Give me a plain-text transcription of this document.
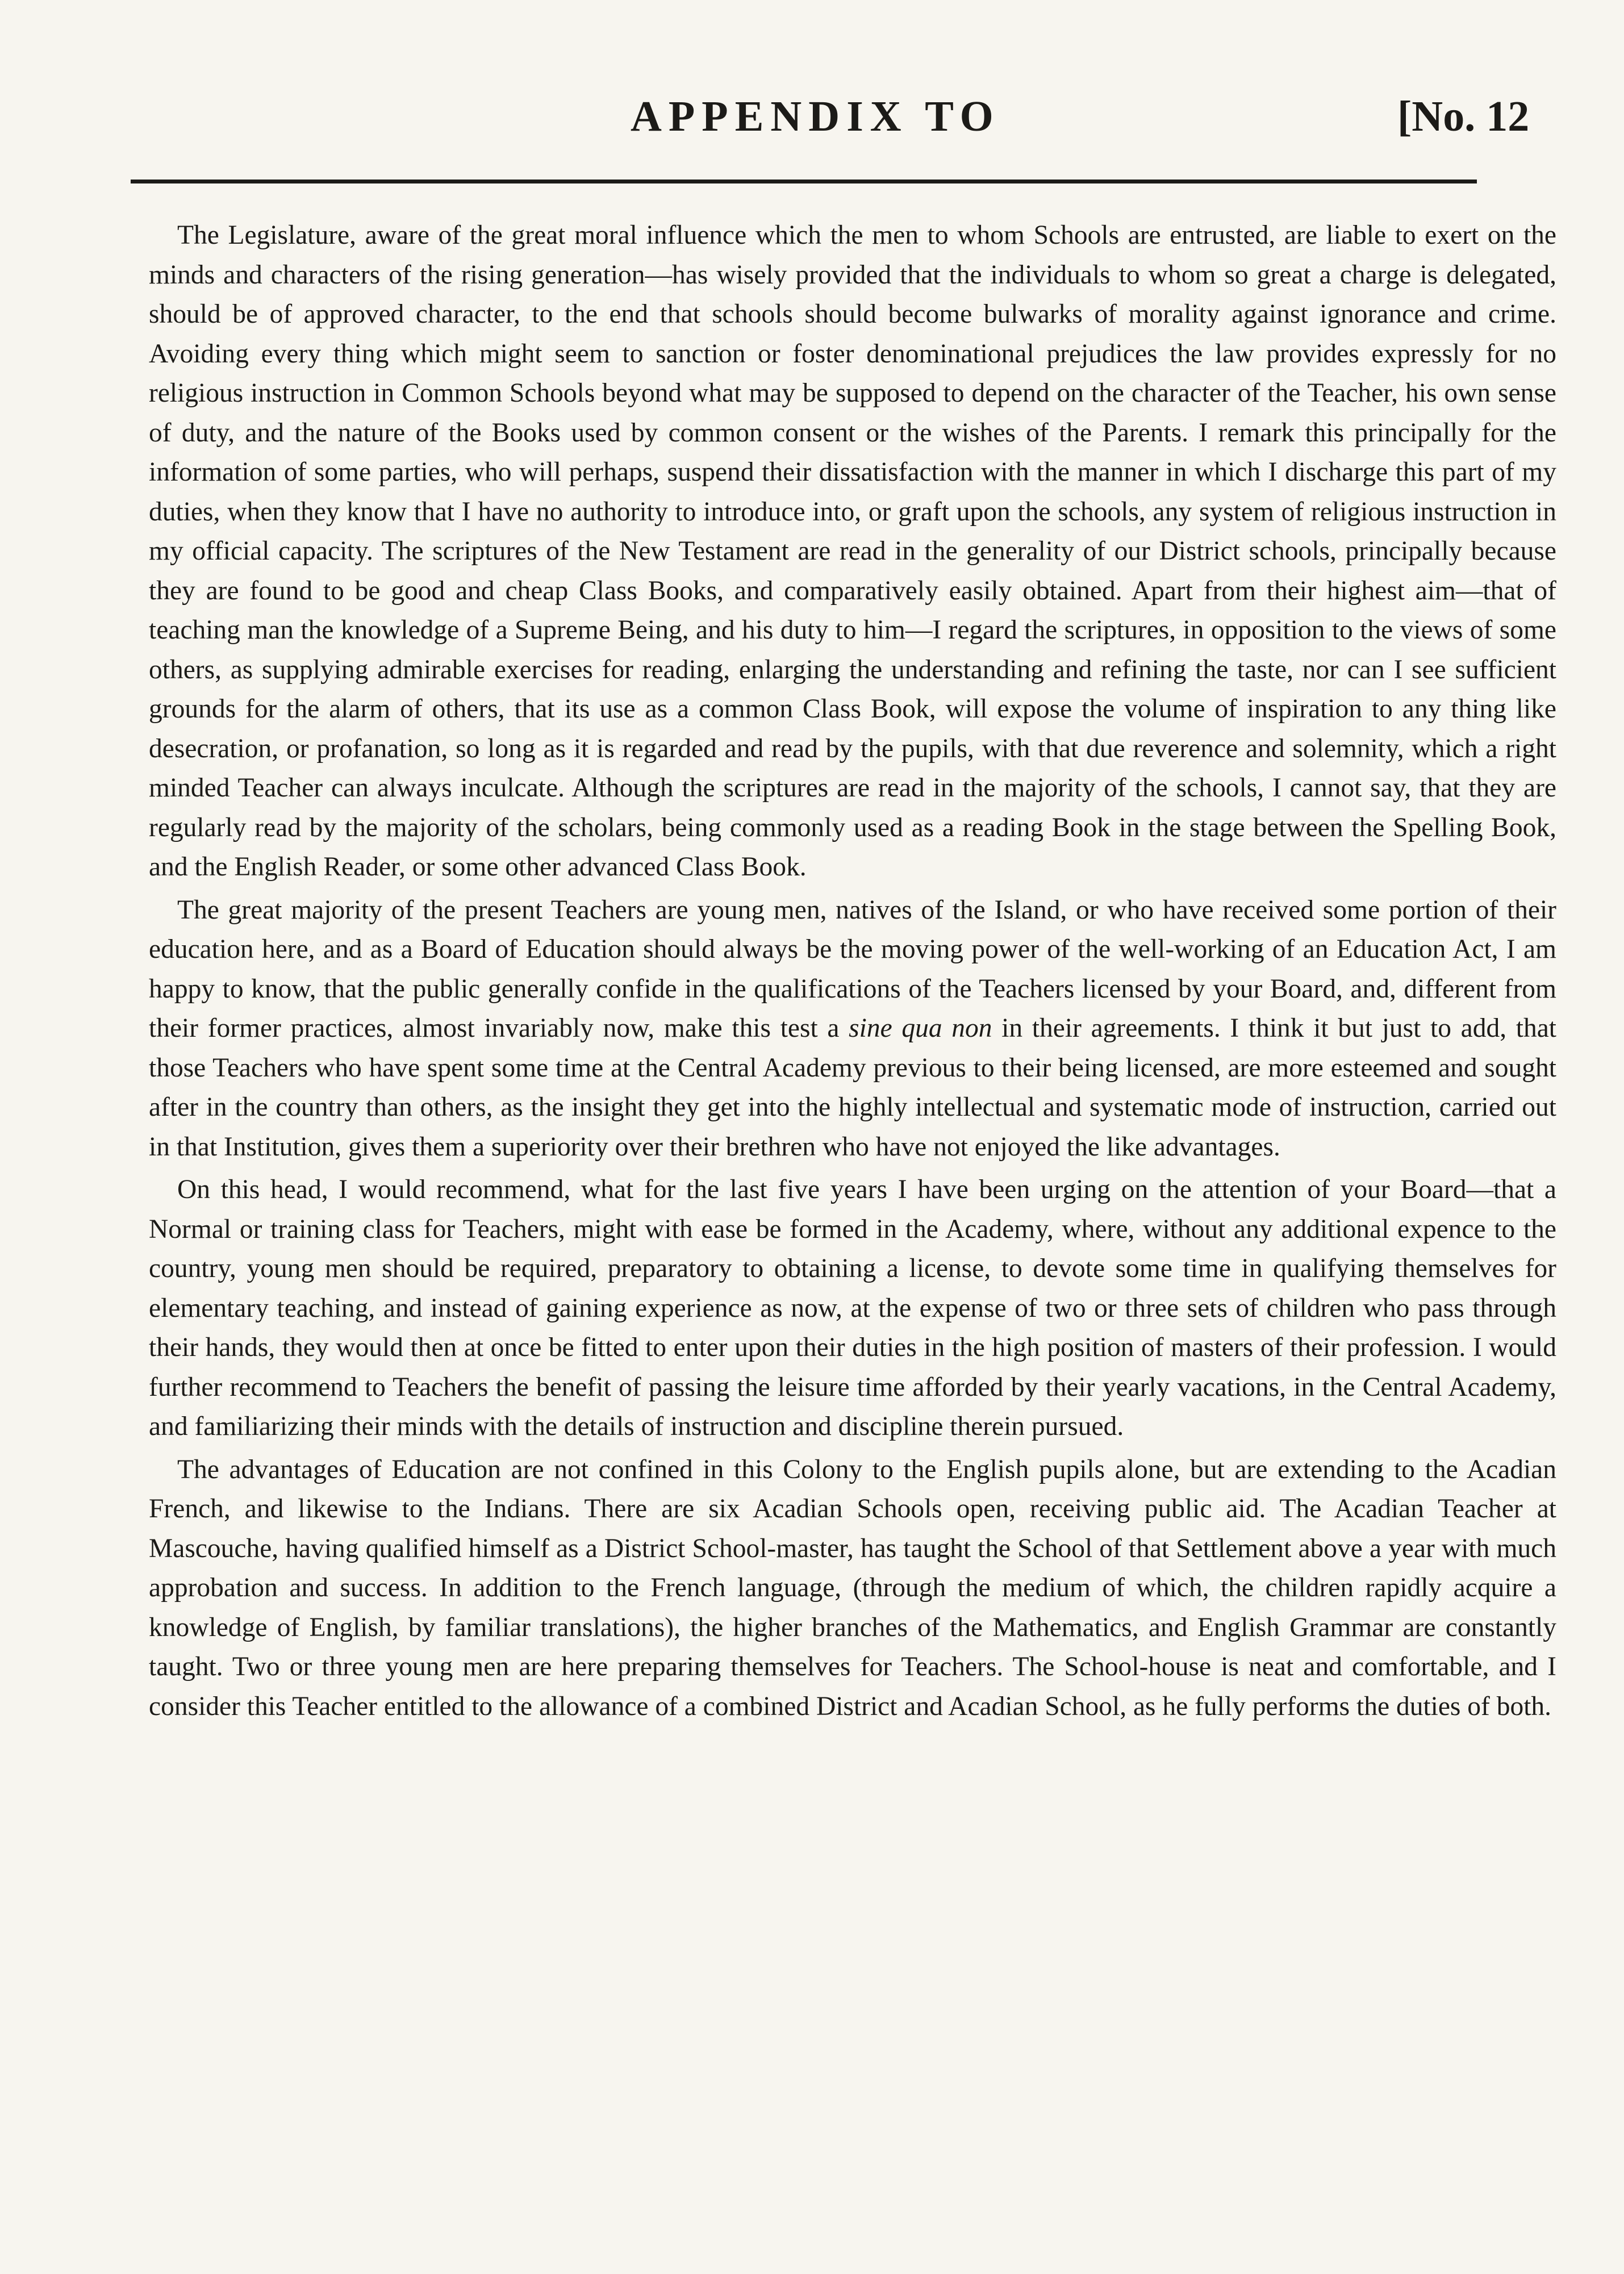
APPENDIX TO	[No. 12

The Legislature, aware of the great moral influence which the men to whom Schools are entrusted, are liable to exert on the minds and characters of the rising generation—has wisely provided that the individuals to whom so great a charge is delegated, should be of approved character, to the end that schools should become bulwarks of morality against ignorance and crime. Avoiding every thing which might seem to sanction or foster denominational prejudices the law provides expressly for no religious instruction in Common Schools beyond what may be supposed to depend on the character of the Teacher, his own sense of duty, and the nature of the Books used by common consent or the wishes of the Parents. I remark this principally for the information of some parties, who will perhaps, suspend their dissatisfaction with the manner in which I discharge this part of my duties, when they know that I have no authority to introduce into, or graft upon the schools, any system of religious instruction in my official capacity. The scriptures of the New Testament are read in the generality of our District schools, principally because they are found to be good and cheap Class Books, and comparatively easily obtained. Apart from their highest aim—that of teaching man the knowledge of a Supreme Being, and his duty to him—I regard the scriptures, in opposition to the views of some others, as supplying admirable exercises for reading, enlarging the understanding and refining the taste, nor can I see sufficient grounds for the alarm of others, that its use as a common Class Book, will expose the volume of inspiration to any thing like desecration, or profanation, so long as it is regarded and read by the pupils, with that due reverence and solemnity, which a right minded Teacher can always inculcate. Although the scriptures are read in the majority of the schools, I cannot say, that they are regularly read by the majority of the scholars, being commonly used as a reading Book in the stage between the Spelling Book, and the English Reader, or some other advanced Class Book.

The great majority of the present Teachers are young men, natives of the Island, or who have received some portion of their education here, and as a Board of Education should always be the moving power of the well-working of an Education Act, I am happy to know, that the public generally confide in the qualifications of the Teachers licensed by your Board, and, different from their former practices, almost invariably now, make this test a sine qua non in their agreements. I think it but just to add, that those Teachers who have spent some time at the Central Academy previous to their being licensed, are more esteemed and sought after in the country than others, as the insight they get into the highly intellectual and systematic mode of instruction, carried out in that Institution, gives them a superiority over their brethren who have not enjoyed the like advantages.

On this head, I would recommend, what for the last five years I have been urging on the attention of your Board—that a Normal or training class for Teachers, might with ease be formed in the Academy, where, without any additional expence to the country, young men should be required, preparatory to obtaining a license, to devote some time in qualifying themselves for elementary teaching, and instead of gaining experience as now, at the expense of two or three sets of children who pass through their hands, they would then at once be fitted to enter upon their duties in the high position of masters of their profession. I would further recommend to Teachers the benefit of passing the leisure time afforded by their yearly vacations, in the Central Academy, and familiarizing their minds with the details of instruction and discipline therein pursued.

The advantages of Education are not confined in this Colony to the English pupils alone, but are extending to the Acadian French, and likewise to the Indians. There are six Acadian Schools open, receiving public aid. The Acadian Teacher at Mascouche, having qualified himself as a District School-master, has taught the School of that Settlement above a year with much approbation and success. In addition to the French language, (through the medium of which, the children rapidly acquire a knowledge of English, by familiar translations), the higher branches of the Mathematics, and English Grammar are constantly taught. Two or three young men are here preparing themselves for Teachers. The School-house is neat and comfortable, and I consider this Teacher entitled to the allowance of a combined District and Acadian School, as he fully performs the duties of both.
